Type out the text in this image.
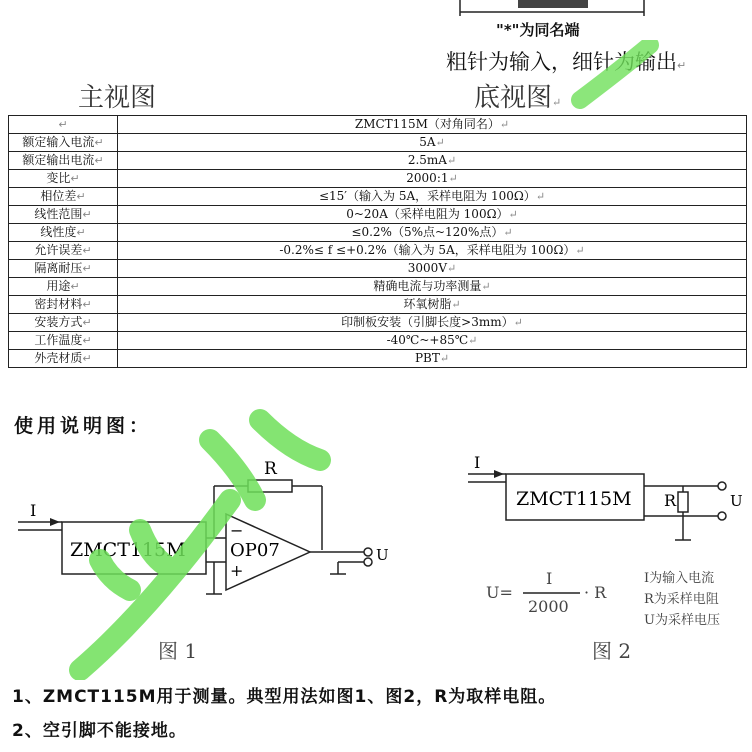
"*"为同名端
粗针为输入，细针为输出↵
主视图	底视图↵
↵	ZMCT115M（对角同名）↵
额定输入电流↵	5A↵
额定输出电流↵	2.5mA↵
变比↵	2000:1↵
相位差↵	≤15′（输入为 5A，采样电阻为 100Ω）↵
线性范围↵	0~20A（采样电阻为 100Ω）↵
线性度↵	≤0.2%（5%点~120%点）↵
允许误差↵	-0.2%≤ f ≤+0.2%（输入为 5A，采样电阻为 100Ω）↵
隔离耐压↵	3000V↵
用途↵	精确电流与功率测量↵
密封材料↵	环氧树脂↵
安装方式↵	印制板安装（引脚长度>3mm）↵
工作温度↵	-40℃~+85℃↵
外壳材质↵	PBT↵
使用说明图：
I
R
ZMCT115M OP07
−
+
U
图 1
I
ZMCT115M R	U
U=
I
2000
· R
I为输入电流
R为采样电阻
U为采样电压
图 2
1、ZMCT115M用于测量。典型用法如图1、图2，R为取样电阻。
2、空引脚不能接地。
